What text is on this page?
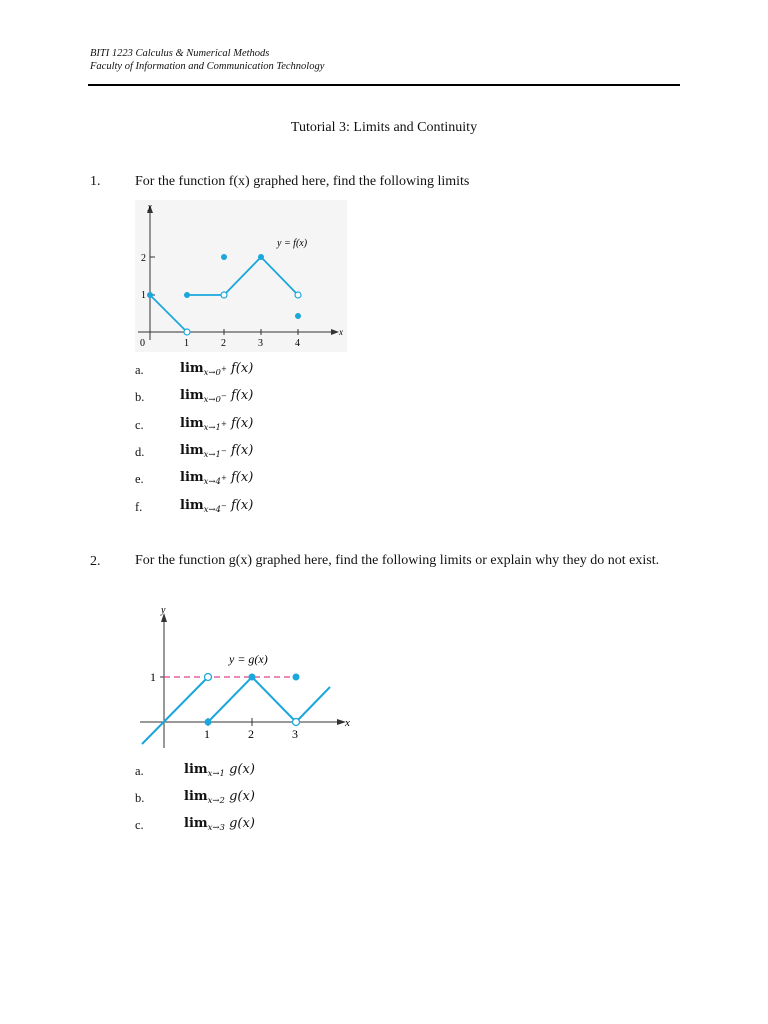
BITI 1223 Calculus & Numerical Methods
Faculty of Information and Communication Technology
Tutorial 3: Limits and Continuity
1. For the function f(x) graphed here, find the following limits
y
x
0	1	2	3	4
1
2
y = f(x)
a.	$\lim_{x\to 0^+} f(x)$
b.	$\lim_{x\to 0^-} f(x)$
c.	$\lim_{x\to 1^+} f(x)$
d.	$\lim_{x\to 1^-} f(x)$
e.	$\lim_{x\to 4^+} f(x)$
f.	$\lim_{x\to 4^-} f(x)$
2. For the function g(x) graphed here, find the following limits or explain why they do not exist.
y
x
1	2	3
1
y = g(x)
a.	$\lim_{x\to 1} g(x)$
b.	$\lim_{x\to 2} g(x)$
c.	$\lim_{x\to 3} g(x)$
